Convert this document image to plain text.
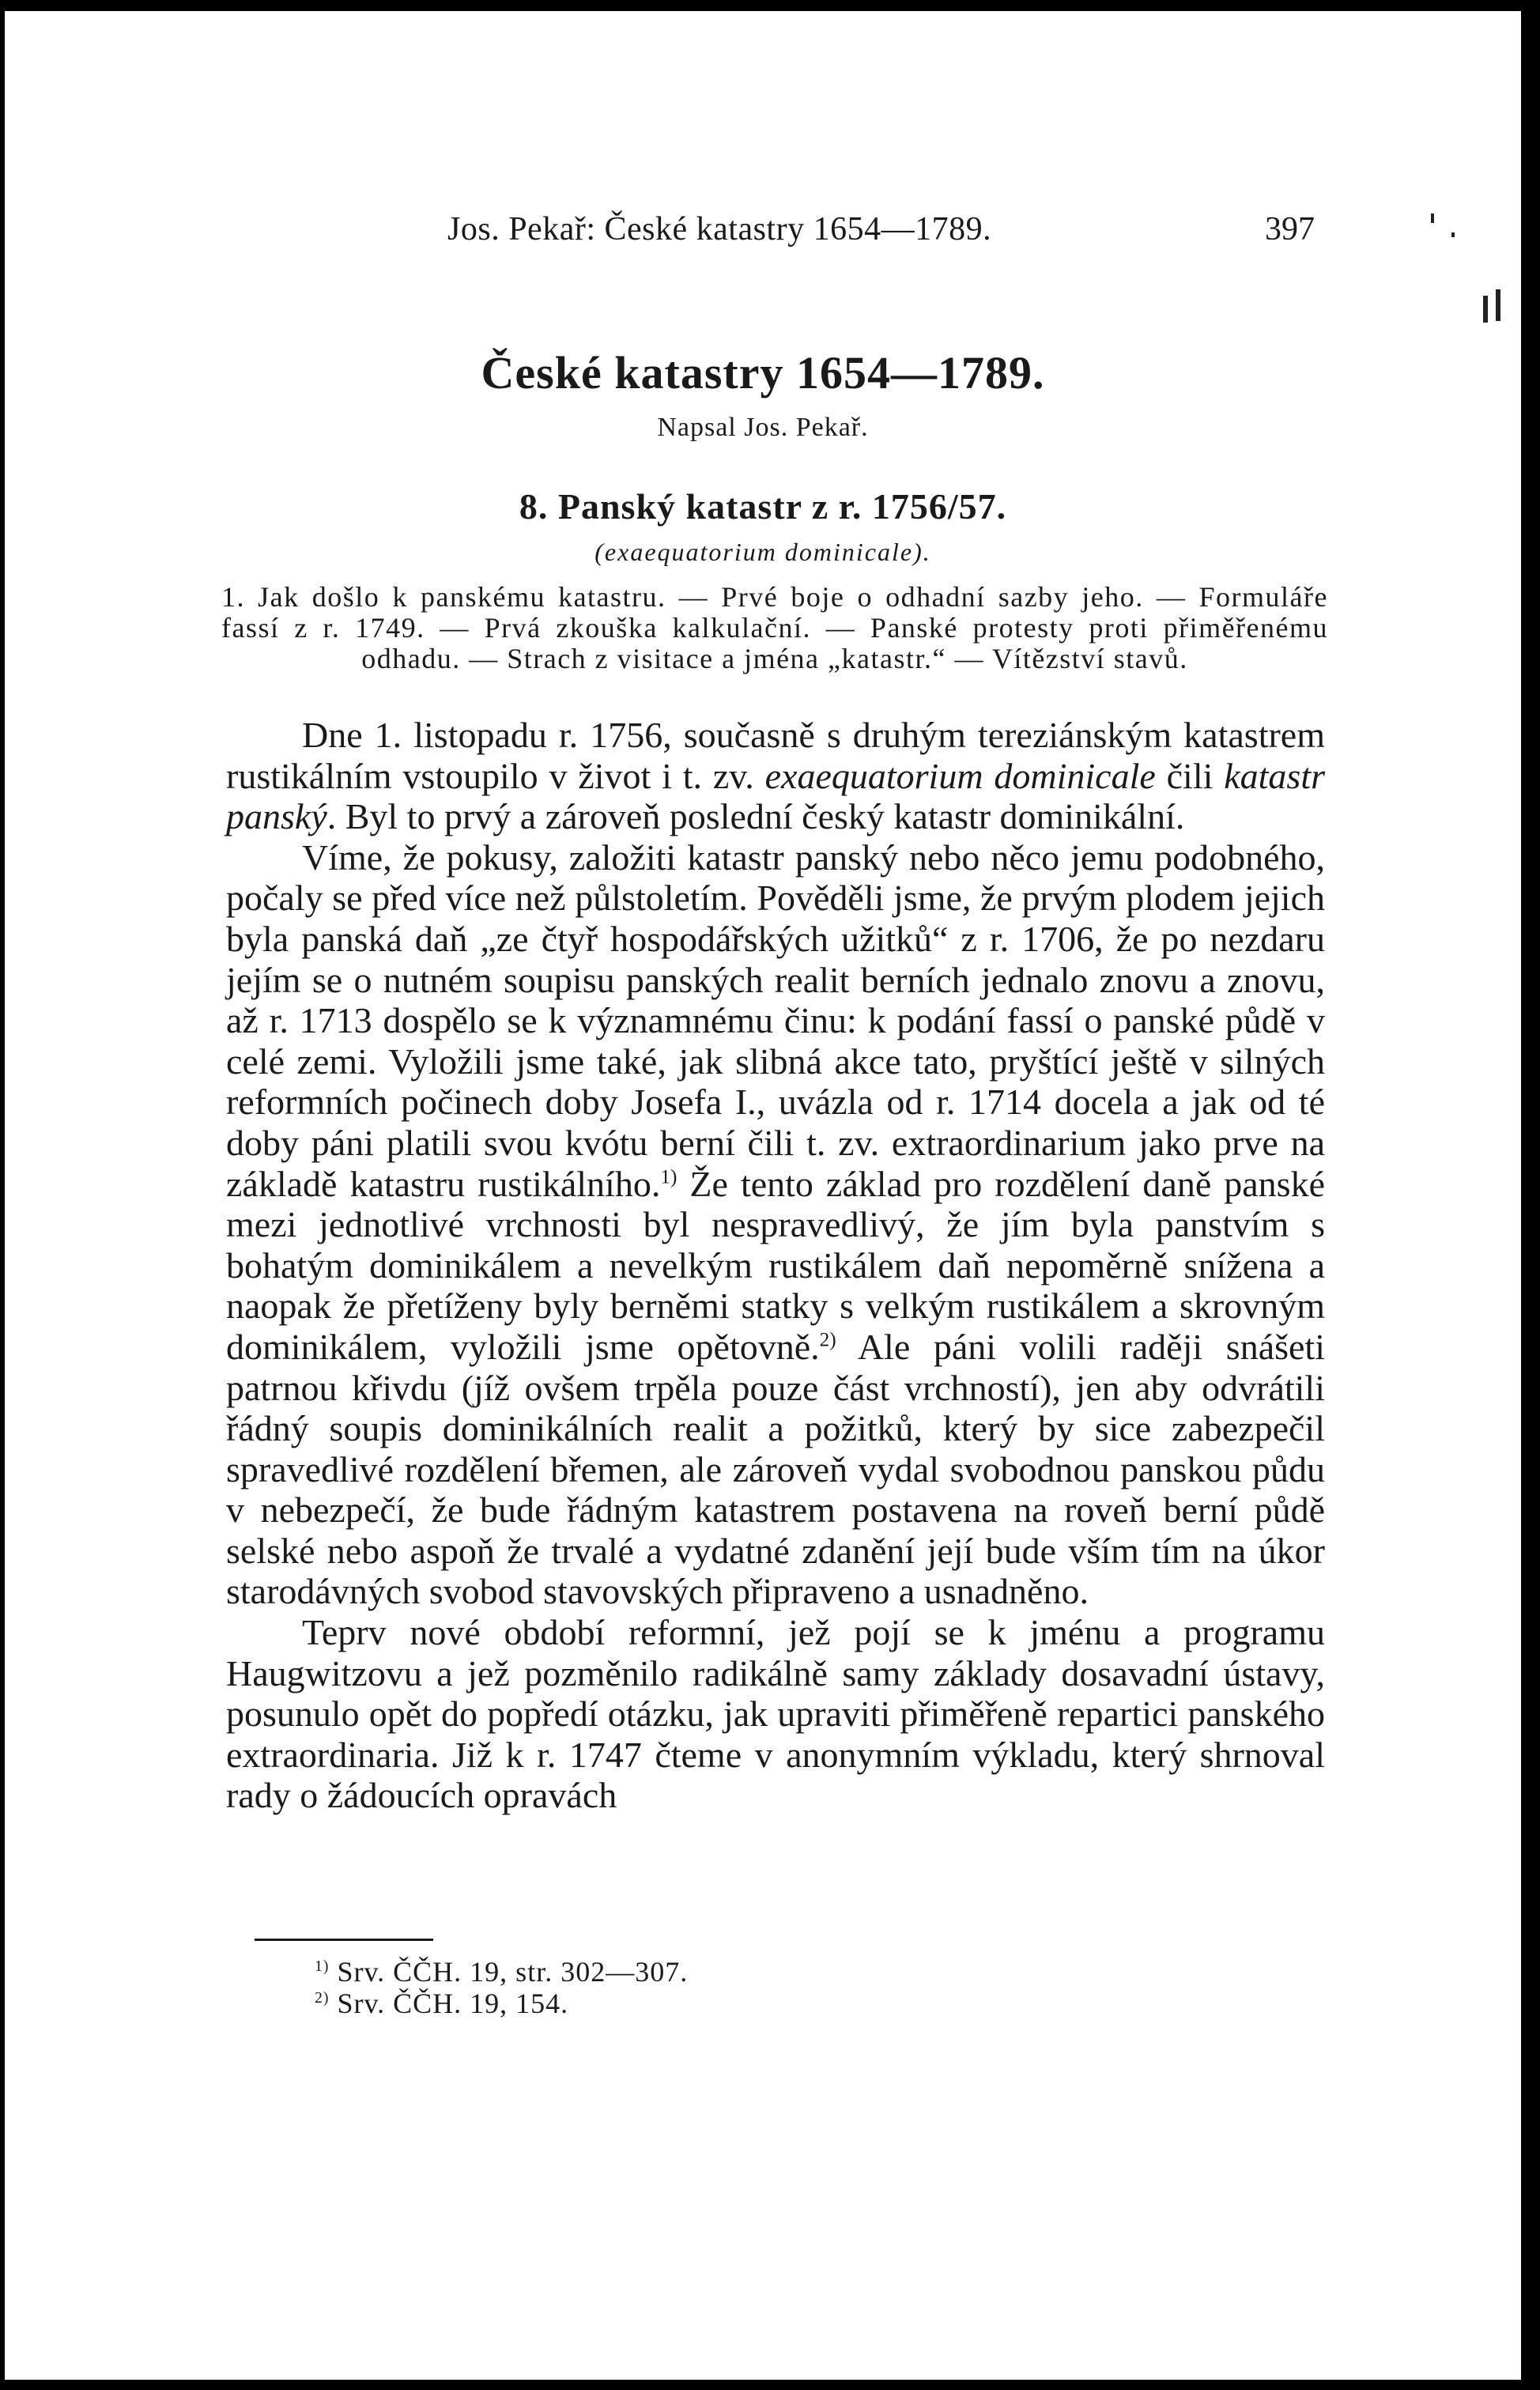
Jos. Pekař: České katastry 1654—1789.	397
České katastry 1654—1789.
Napsal Jos. Pekař.
8. Panský katastr z r. 1756/57.
(exaequatorium dominicale).
1. Jak došlo k panskému katastru. — Prvé boje o odhadní sazby jeho. — Formuláře fassí z r. 1749. — Prvá zkouška kalkulační. — Panské protesty proti přiměřenému odhadu. — Strach z visitace a jména „katastr.“ — Vítězství stavů.

Dne 1. listopadu r. 1756, současně s druhým tereziánským katastrem rustikálním vstoupilo v život i t. zv. exaequatorium dominicale čili katastr panský. Byl to prvý a zároveň poslední český katastr dominikální.

Víme, že pokusy, založiti katastr panský nebo něco jemu podobného, počaly se před více než půlstoletím. Pověděli jsme, že prvým plodem jejich byla panská daň „ze čtyř hospodářských užitků“ z r. 1706, že po nezdaru jejím se o nutném soupisu panských realit berních jednalo znovu a znovu, až r. 1713 dospělo se k významnému činu: k podání fassí o panské půdě v celé zemi. Vyložili jsme také, jak slibná akce tato, pryštící ještě v silných reformních počinech doby Josefa I., uvázla od r. 1714 docela a jak od té doby páni platili svou kvótu berní čili t. zv. extraordinarium jako prve na základě katastru rustikálního.$^{1)}$ Že tento základ pro rozdělení daně panské mezi jednotlivé vrchnosti byl nespravedlivý, že jím byla panstvím s bohatým dominikálem a nevelkým rustikálem daň nepoměrně snížena a naopak že přetíženy byly berněmi statky s velkým rustikálem a skrovným dominikálem, vyložili jsme opětovně.$^{2)}$ Ale páni volili raději snášeti patrnou křivdu (jíž ovšem trpěla pouze část vrchností), jen aby odvrátili řádný soupis dominikálních realit a požitků, který by sice zabezpečil spravedlivé rozdělení břemen, ale zároveň vydal svobodnou panskou půdu v nebezpečí, že bude řádným katastrem postavena na roveň berní půdě selské nebo aspoň že trvalé a vydatné zdanění její bude vším tím na úkor starodávných svobod stavovských připraveno a usnadněno.

Teprv nové období reformní, jež pojí se k jménu a programu Haugwitzovu a jež pozměnilo radikálně samy základy dosavadní ústavy, posunulo opět do popředí otázku, jak upraviti přiměřeně repartici panského extraordinaria. Již k r. 1747 čteme v anonymním výkladu, který shrnoval rady o žádoucích opravách

$^{1)}$ Srv. ČČH. 19, str. 302—307.
$^{2)}$ Srv. ČČH. 19, 154.
